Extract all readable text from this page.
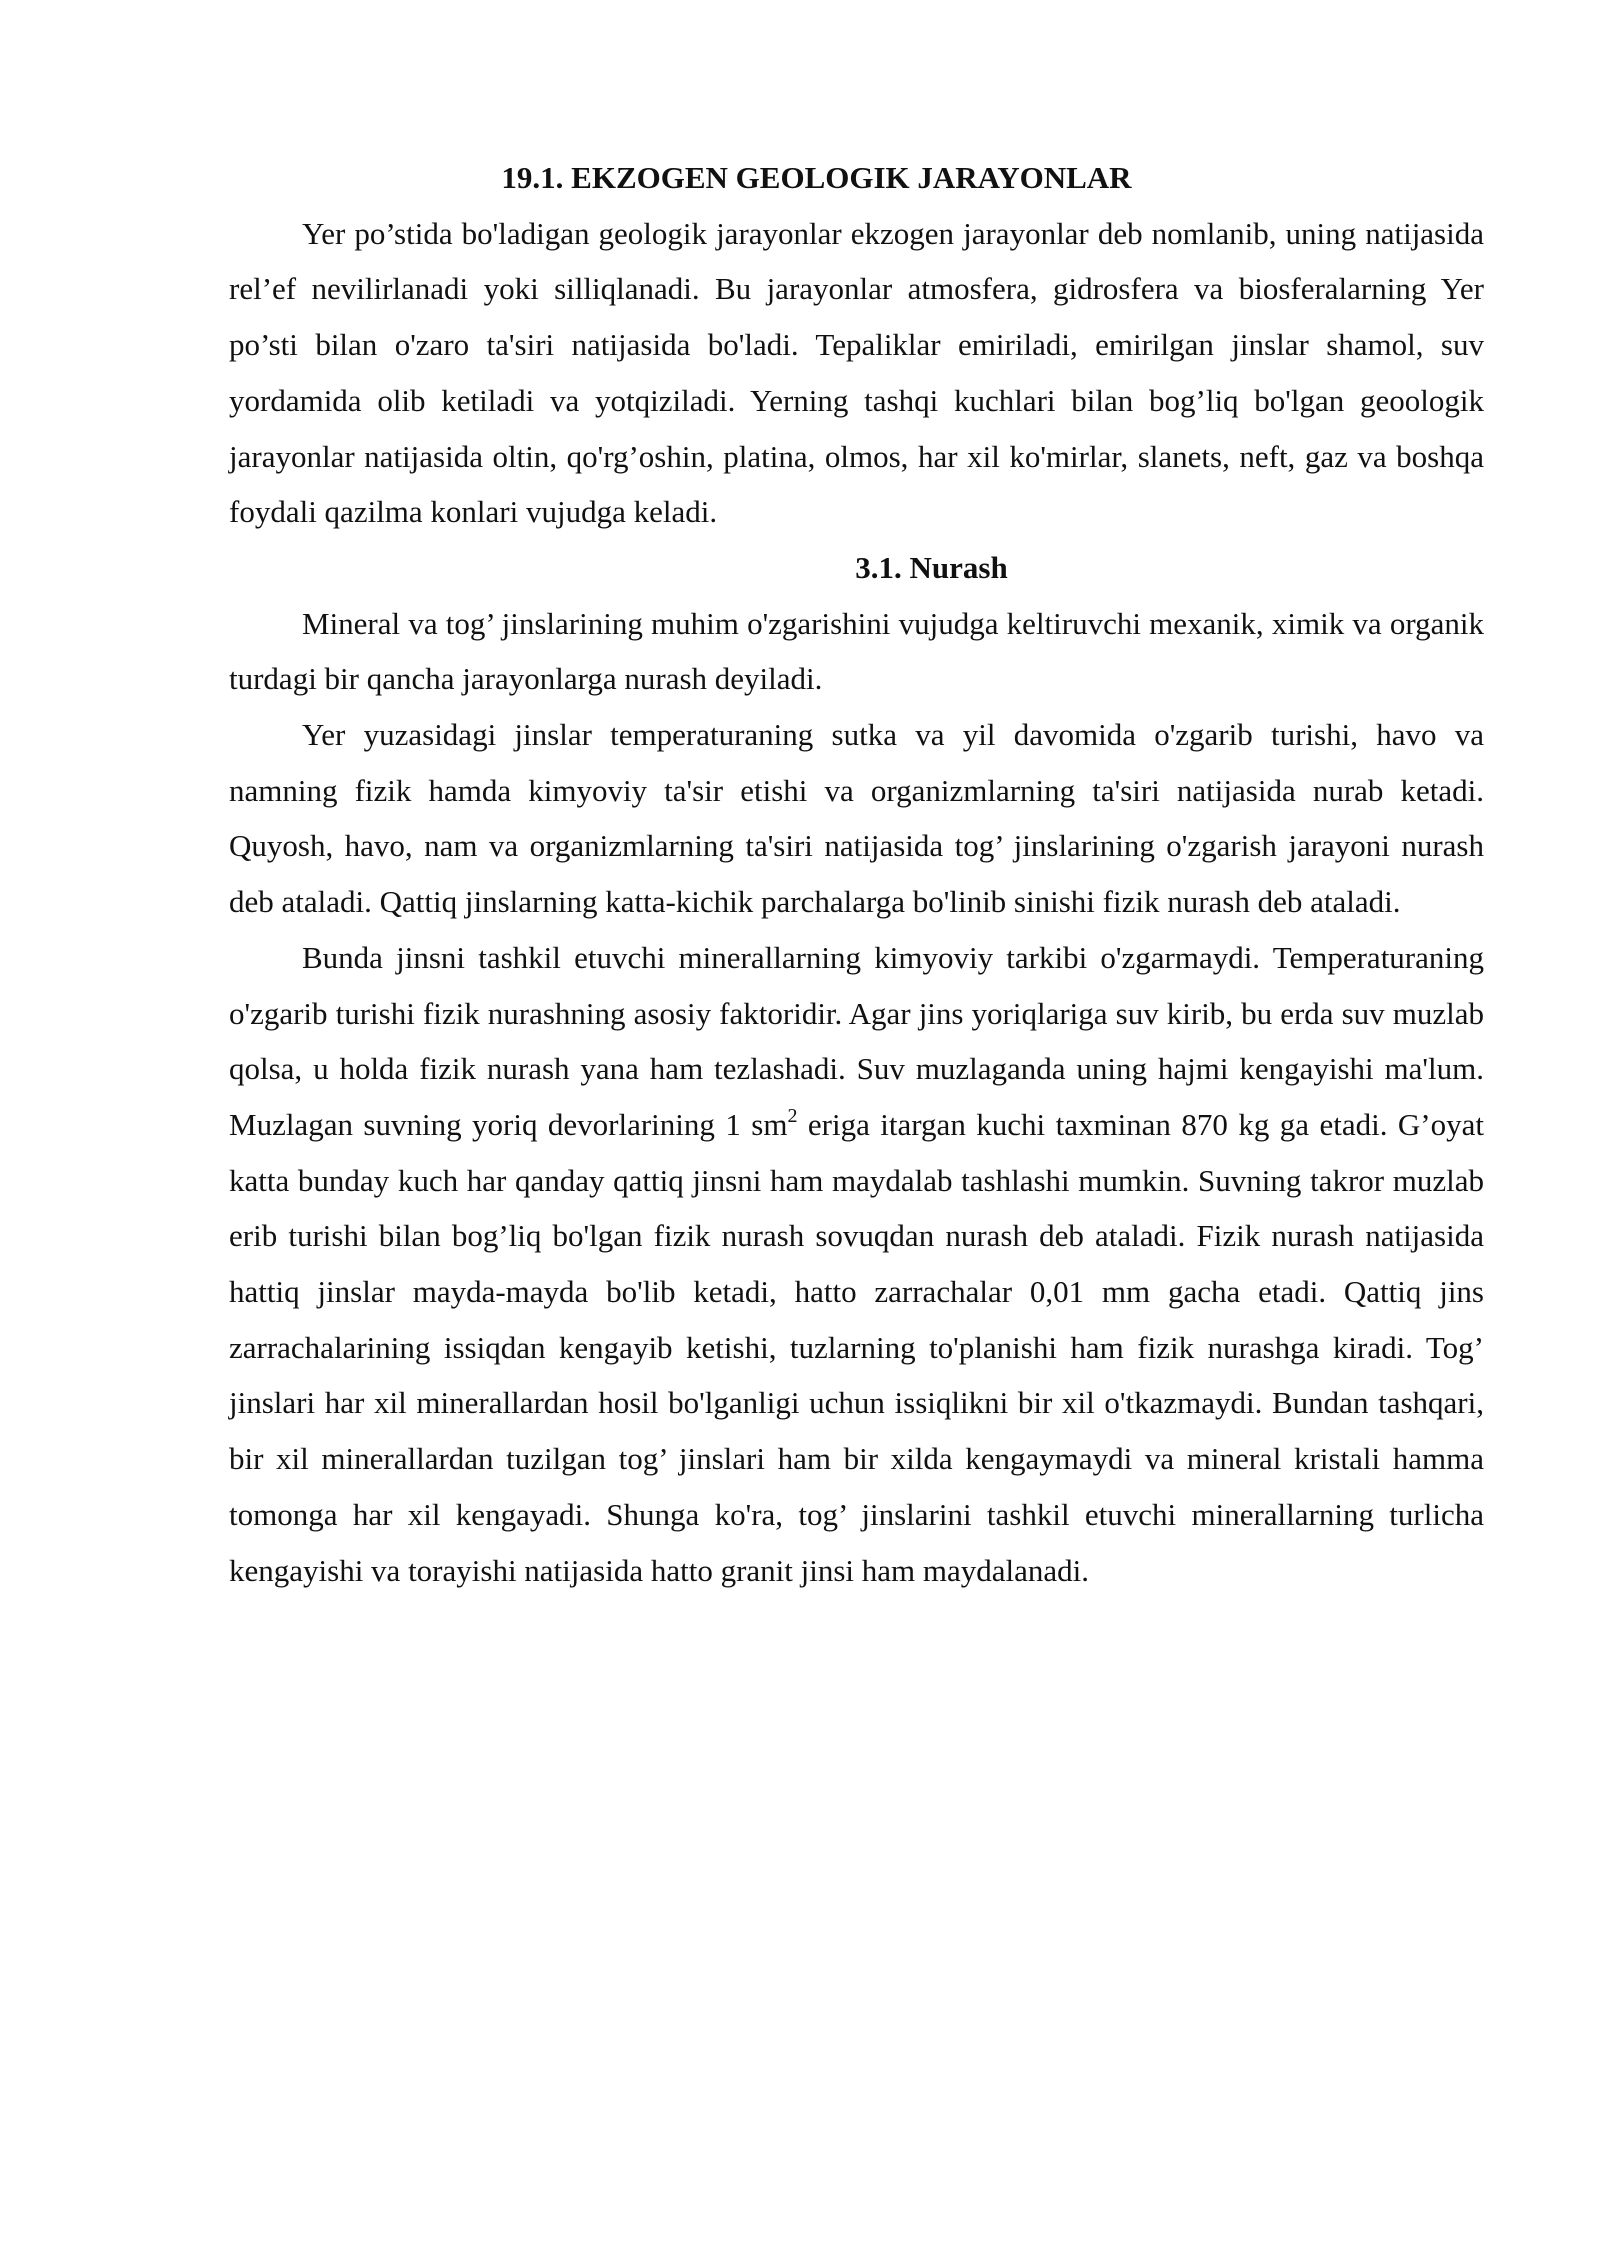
19.1. EKZOGEN GEOLOGIK JARAYONLAR

Yer po’stida bo'ladigan geologik jarayonlar ekzogen jarayonlar deb nomlanib, uning natijasida rel’ef nevilirlanadi yoki silliqlanadi. Bu jarayonlar atmosfera, gidrosfera va biosferalarning Yer po’sti bilan o'zaro ta'siri natijasida bo'ladi. Tepaliklar emiriladi, emirilgan jinslar shamol, suv yordamida olib ketiladi va yotqiziladi. Yerning tashqi kuchlari bilan bog’liq bo'lgan geoologik jarayonlar natijasida oltin, qo'rg’oshin, platina, olmos, har xil ko'mirlar, slanets, neft, gaz va boshqa foydali qazilma konlari vujudga keladi.

3.1. Nurash

Mineral va tog’ jinslarining muhim o'zgarishini vujudga keltiruvchi mexanik, ximik va organik turdagi bir qancha jarayonlarga nurash deyiladi.

Yer yuzasidagi jinslar temperaturaning sutka va yil davomida o'zgarib turishi, havo va namning fizik hamda kimyoviy ta'sir etishi va organizmlarning ta'siri natijasida nurab ketadi. Quyosh, havo, nam va organizmlarning ta'siri natijasida tog’ jinslarining o'zgarish jarayoni nurash deb ataladi. Qattiq jinslarning katta-kichik parchalarga bo'linib sinishi fizik nurash deb ataladi.

Bunda jinsni tashkil etuvchi minerallarning kimyoviy tarkibi o'zgarmaydi. Temperaturaning o'zgarib turishi fizik nurashning asosiy faktoridir. Agar jins yoriqlariga suv kirib, bu erda suv muzlab qolsa, u holda fizik nurash yana ham tezlashadi. Suv muzlaganda uning hajmi kengayishi ma'lum. Muzlagan suvning yoriq devorlarining 1 $sm^2$ eriga itargan kuchi taxminan 870 kg ga etadi. G’oyat katta bunday kuch har qanday qattiq jinsni ham maydalab tashlashi mumkin. Suvning takror muzlab erib turishi bilan bog’liq bo'lgan fizik nurash sovuqdan nurash deb ataladi. Fizik nurash natijasida hattiq jinslar mayda-mayda bo'lib ketadi, hatto zarrachalar 0,01 mm gacha etadi. Qattiq jins zarrachalarining issiqdan kengayib ketishi, tuzlarning to'planishi ham fizik nurashga kiradi. Tog’ jinslari har xil minerallardan hosil bo'lganligi uchun issiqlikni bir xil o'tkazmaydi. Bundan tashqari, bir xil minerallardan tuzilgan tog’ jinslari ham bir xilda kengaymaydi va mineral kristali hamma tomonga har xil kengayadi. Shunga ko'ra, tog’ jinslarini tashkil etuvchi minerallarning turlicha kengayishi va torayishi natijasida hatto granit jinsi ham maydalanadi.
